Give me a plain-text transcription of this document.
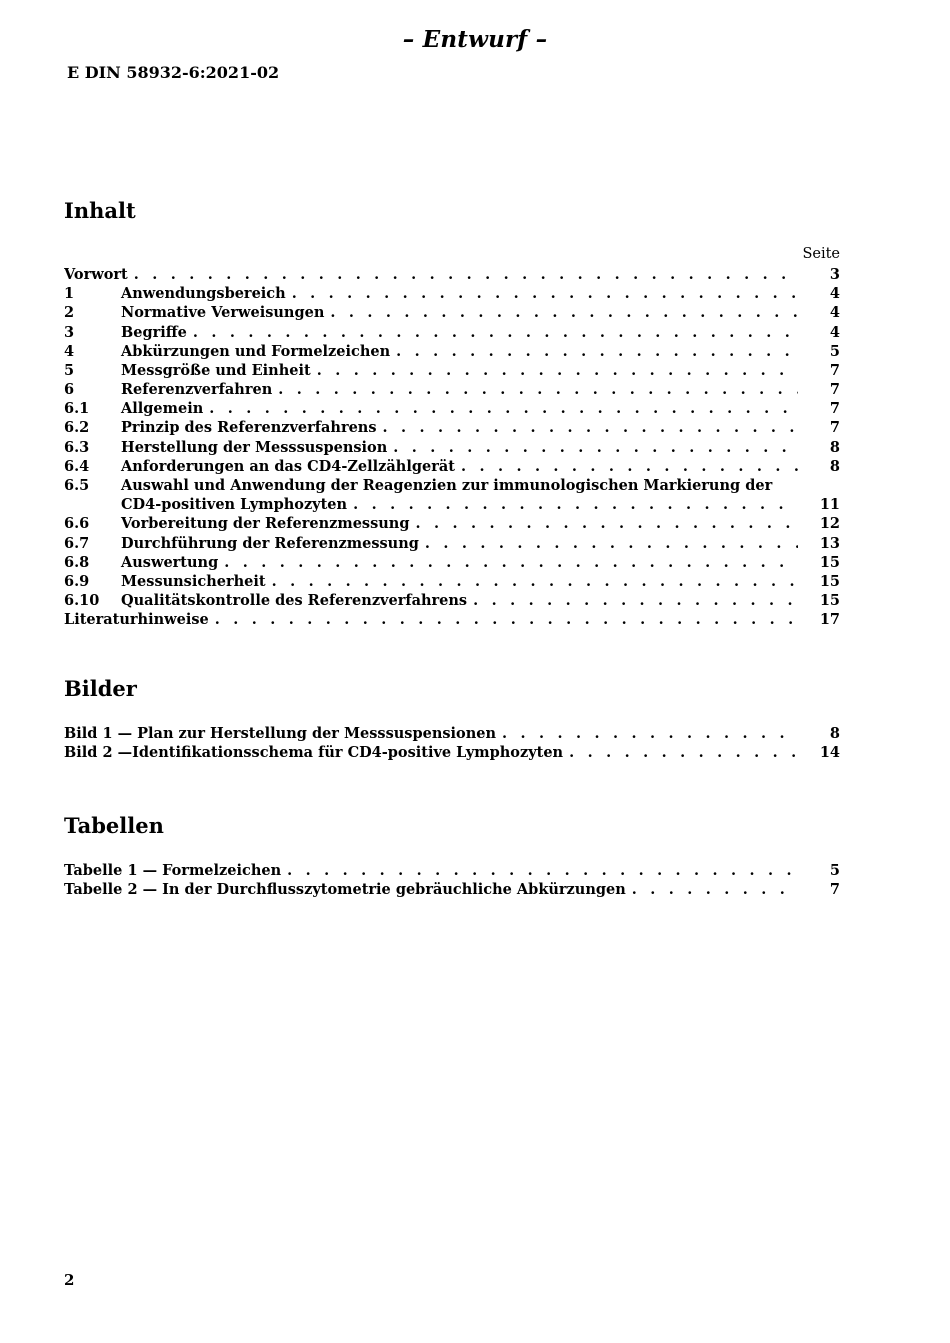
– Entwurf –
E DIN 58932-6:2021-02
Inhalt
Seite
Vorwort . . .	3
1	Anwendungsbereich . . .	4
2	Normative Verweisungen . . .	4
3	Begriffe . . .	4
4	Abkürzungen und Formelzeichen . . .	5
5	Messgröße und Einheit . . .	7
6	Referenzverfahren . . .	7
6.1	Allgemein . . .	7
6.2	Prinzip des Referenzverfahrens . . .	7
6.3	Herstellung der Messsuspension . . .	8
6.4	Anforderungen an das CD4-Zellzählgerät . . .	8
6.5	Auswahl und Anwendung der Reagenzien zur immunologischen Markierung der
CD4-positiven Lymphozyten . . .	11
6.6	Vorbereitung der Referenzmessung . . .	12
6.7	Durchführung der Referenzmessung . . .	13
6.8	Auswertung . . .	15
6.9	Messunsicherheit . . .	15
6.10	Qualitätskontrolle des Referenzverfahrens . . .	15
Literaturhinweise . . .	17
Bilder
Bild 1 — Plan zur Herstellung der Messsuspensionen . . .	8
Bild 2 —Identifikationsschema für CD4-positive Lymphozyten . . .	14
Tabellen
Tabelle 1 — Formelzeichen . . .	5
Tabelle 2 — In der Durchflusszytometrie gebräuchliche Abkürzungen . . .	7
2
